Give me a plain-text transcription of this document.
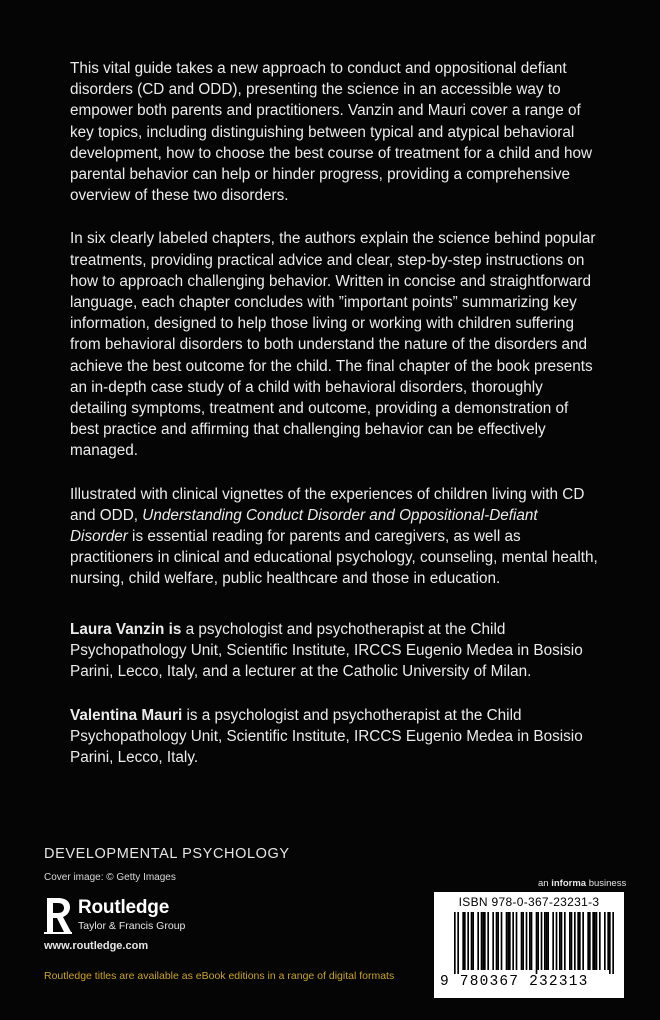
This vital guide takes a new approach to conduct and oppositional defiant disorders (CD and ODD), presenting the science in an accessible way to empower both parents and practitioners. Vanzin and Mauri cover a range of key topics, including distinguishing between typical and atypical behavioral development, how to choose the best course of treatment for a child and how parental behavior can help or hinder progress, providing a comprehensive overview of these two disorders.

In six clearly labeled chapters, the authors explain the science behind popular treatments, providing practical advice and clear, step-by-step instructions on how to approach challenging behavior. Written in concise and straightforward language, each chapter concludes with ”important points” summarizing key information, designed to help those living or working with children suffering from behavioral disorders to both understand the nature of the disorders and achieve the best outcome for the child. The final chapter of the book presents an in-depth case study of a child with behavioral disorders, thoroughly detailing symptoms, treatment and outcome, providing a demonstration of best practice and affirming that challenging behavior can be effectively managed.

Illustrated with clinical vignettes of the experiences of children living with CD and ODD, Understanding Conduct Disorder and Oppositional-Defiant Disorder is essential reading for parents and caregivers, as well as practitioners in clinical and educational psychology, counseling, mental health, nursing, child welfare, public healthcare and those in education.

Laura Vanzin is a psychologist and psychotherapist at the Child Psychopathology Unit, Scientific Institute, IRCCS Eugenio Medea in Bosisio Parini, Lecco, Italy, and a lecturer at the Catholic University of Milan.

Valentina Mauri is a psychologist and psychotherapist at the Child Psychopathology Unit, Scientific Institute, IRCCS Eugenio Medea in Bosisio Parini, Lecco, Italy.

DEVELOPMENTAL PSYCHOLOGY
Cover image: © Getty Images
Routledge
Taylor & Francis Group
www.routledge.com
Routledge titles are available as eBook editions in a range of digital formats
an informa business
ISBN 978-0-367-23231-3
9 780367 232313
